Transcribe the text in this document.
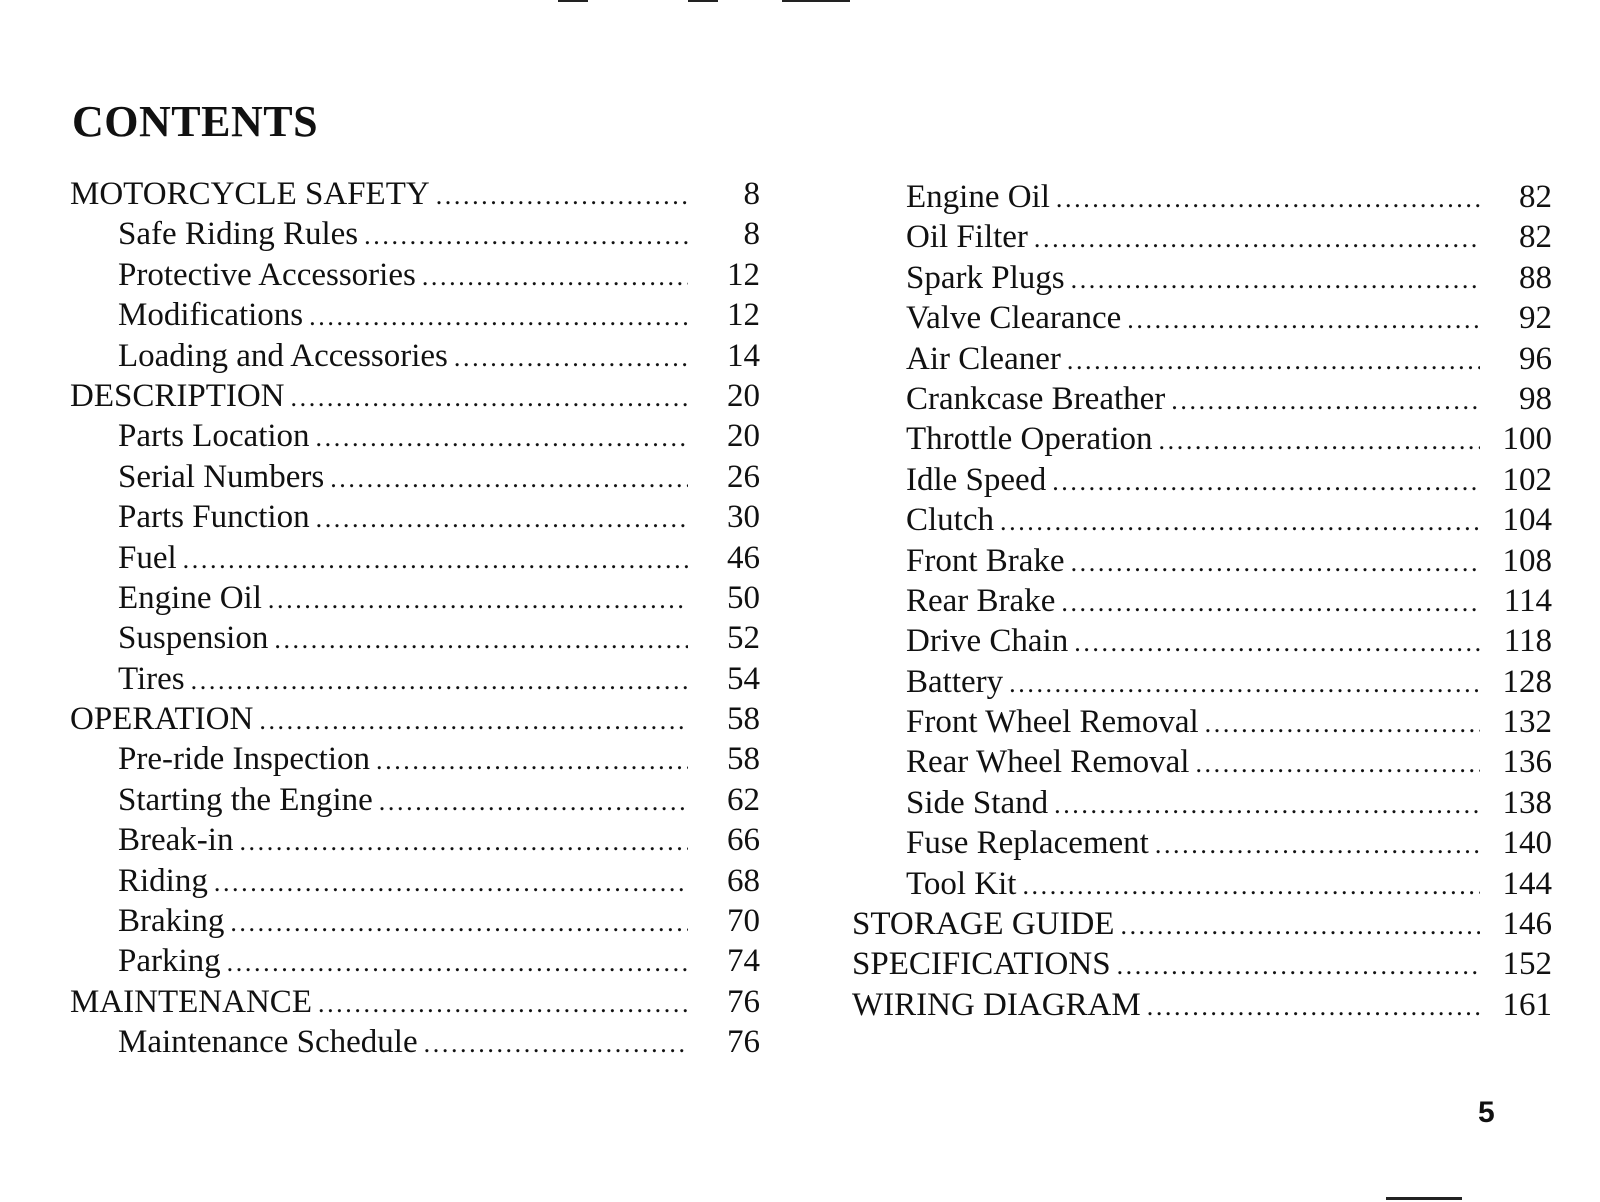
CONTENTS
MOTORCYCLE SAFETY .....	8
Safe Riding Rules .....	8
Protective Accessories .....	12
Modifications .....	12
Loading and Accessories .....	14
DESCRIPTION .....	20
Parts Location .....	20
Serial Numbers .....	26
Parts Function .....	30
Fuel .....	46
Engine Oil .....	50
Suspension .....	52
Tires .....	54
OPERATION .....	58
Pre-ride Inspection .....	58
Starting the Engine .....	62
Break-in .....	66
Riding .....	68
Braking .....	70
Parking .....	74
MAINTENANCE .....	76
Maintenance Schedule .....	76
Engine Oil .....	82
Oil Filter .....	82
Spark Plugs .....	88
Valve Clearance .....	92
Air Cleaner .....	96
Crankcase Breather .....	98
Throttle Operation .....	100
Idle Speed .....	102
Clutch .....	104
Front Brake .....	108
Rear Brake .....	114
Drive Chain .....	118
Battery .....	128
Front Wheel Removal .....	132
Rear Wheel Removal .....	136
Side Stand .....	138
Fuse Replacement .....	140
Tool Kit .....	144
STORAGE GUIDE .....	146
SPECIFICATIONS .....	152
WIRING DIAGRAM .....	161
5
